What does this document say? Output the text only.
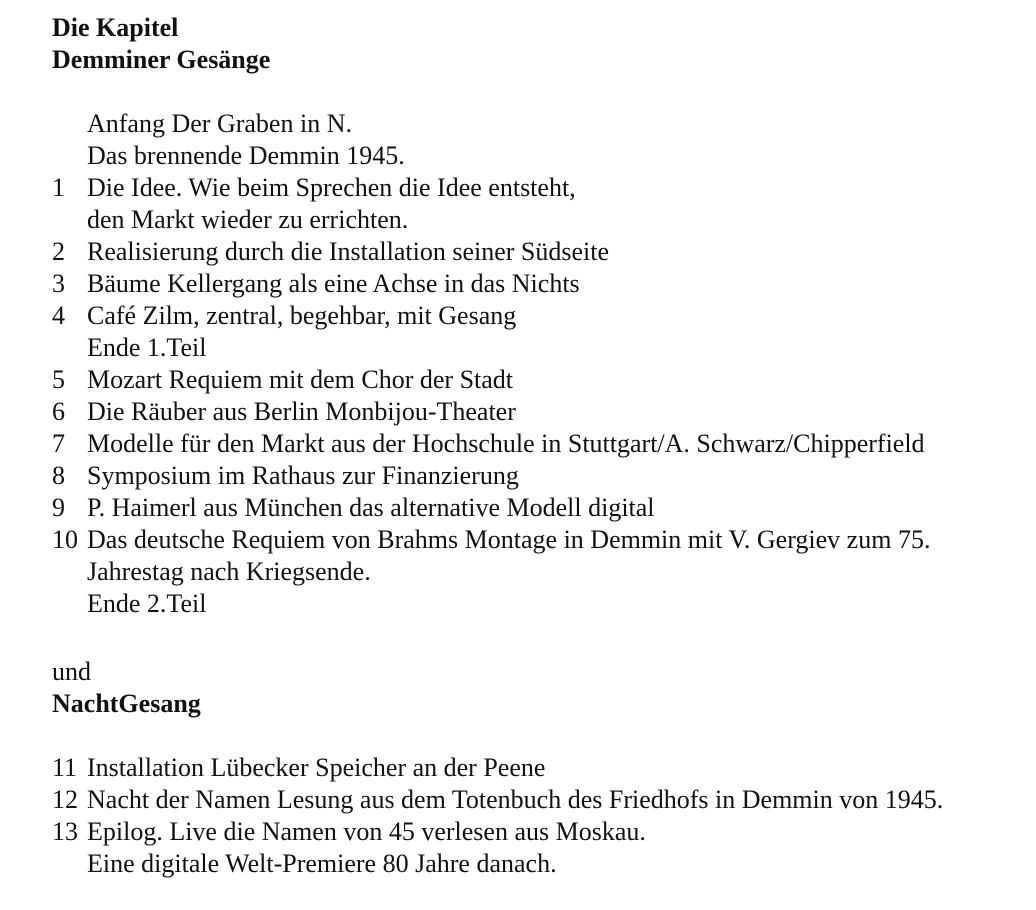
Die Kapitel
Demminer Gesänge
Anfang Der Graben in N.
Das brennende Demmin 1945.
1 Die Idee. Wie beim Sprechen die Idee entsteht,
den Markt wieder zu errichten.
2 Realisierung durch die Installation seiner Südseite
3 Bäume Kellergang als eine Achse in das Nichts
4 Café Zilm, zentral, begehbar, mit Gesang
Ende 1.Teil
5 Mozart Requiem mit dem Chor der Stadt
6 Die Räuber aus Berlin Monbijou-Theater
7 Modelle für den Markt aus der Hochschule in Stuttgart/A. Schwarz/Chipperfield
8 Symposium im Rathaus zur Finanzierung
9 P. Haimerl aus München das alternative Modell digital
10 Das deutsche Requiem von Brahms Montage in Demmin mit V. Gergiev zum 75.
Jahrestag nach Kriegsende.
Ende 2.Teil
und
NachtGesang
11 Installation Lübecker Speicher an der Peene
12 Nacht der Namen Lesung aus dem Totenbuch des Friedhofs in Demmin von 1945.
13 Epilog. Live die Namen von 45 verlesen aus Moskau.
Eine digitale Welt-Premiere 80 Jahre danach.
